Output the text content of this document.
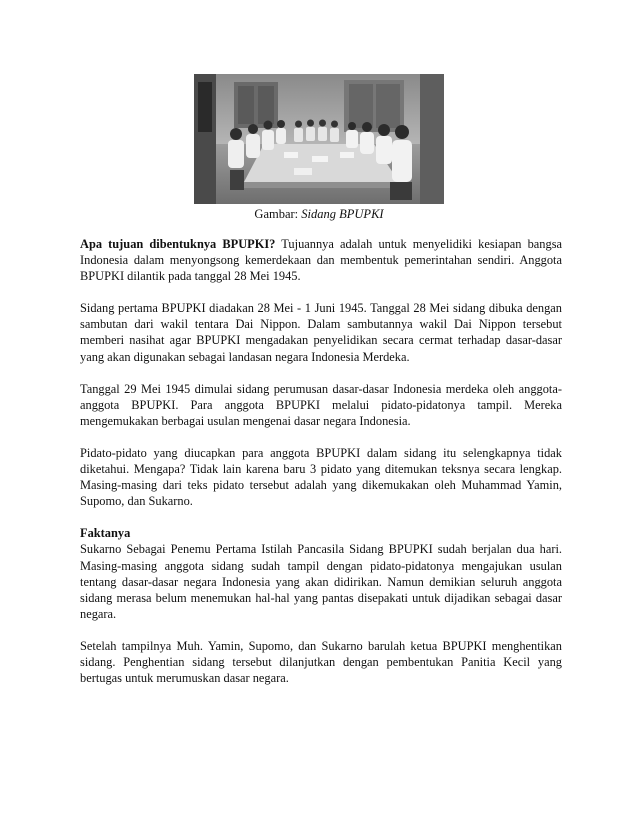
Gambar: Sidang BPUPKI

Apa tujuan dibentuknya BPUPKI? Tujuannya adalah untuk menyelidiki kesiapan bangsa Indonesia dalam menyongsong kemerdekaan dan membentuk pemerintahan sendiri. Anggota BPUPKI dilantik pada tanggal 28 Mei 1945.

Sidang pertama BPUPKI diadakan 28 Mei - 1 Juni 1945. Tanggal 28 Mei sidang dibuka dengan sambutan dari wakil tentara Dai Nippon. Dalam sambutannya wakil Dai Nippon tersebut memberi nasihat agar BPUPKI mengadakan penyelidikan secara cermat terhadap dasar-dasar yang akan digunakan sebagai landasan negara Indonesia Merdeka.

Tanggal 29 Mei 1945 dimulai sidang perumusan dasar-dasar Indonesia merdeka oleh anggota-anggota BPUPKI. Para anggota BPUPKI melalui pidato-pidatonya tampil. Mereka mengemukakan berbagai usulan mengenai dasar negara Indonesia.

Pidato-pidato yang diucapkan para anggota BPUPKI dalam sidang itu selengkapnya tidak diketahui. Mengapa? Tidak lain karena baru 3 pidato yang ditemukan teksnya secara lengkap. Masing-masing dari teks pidato tersebut adalah yang dikemukakan oleh Muhammad Yamin, Supomo, dan Sukarno.

Faktanya

Sukarno Sebagai Penemu Pertama Istilah Pancasila Sidang BPUPKI sudah berjalan dua hari. Masing-masing anggota sidang sudah tampil dengan pidato-pidatonya mengajukan usulan tentang dasar-dasar negara Indonesia yang akan didirikan. Namun demikian seluruh anggota sidang merasa belum menemukan hal-hal yang pantas disepakati untuk dijadikan sebagai dasar negara.

Setelah tampilnya Muh. Yamin, Supomo, dan Sukarno barulah ketua BPUPKI menghentikan sidang. Penghentian sidang tersebut dilanjutkan dengan pembentukan Panitia Kecil yang bertugas untuk merumuskan dasar negara.
